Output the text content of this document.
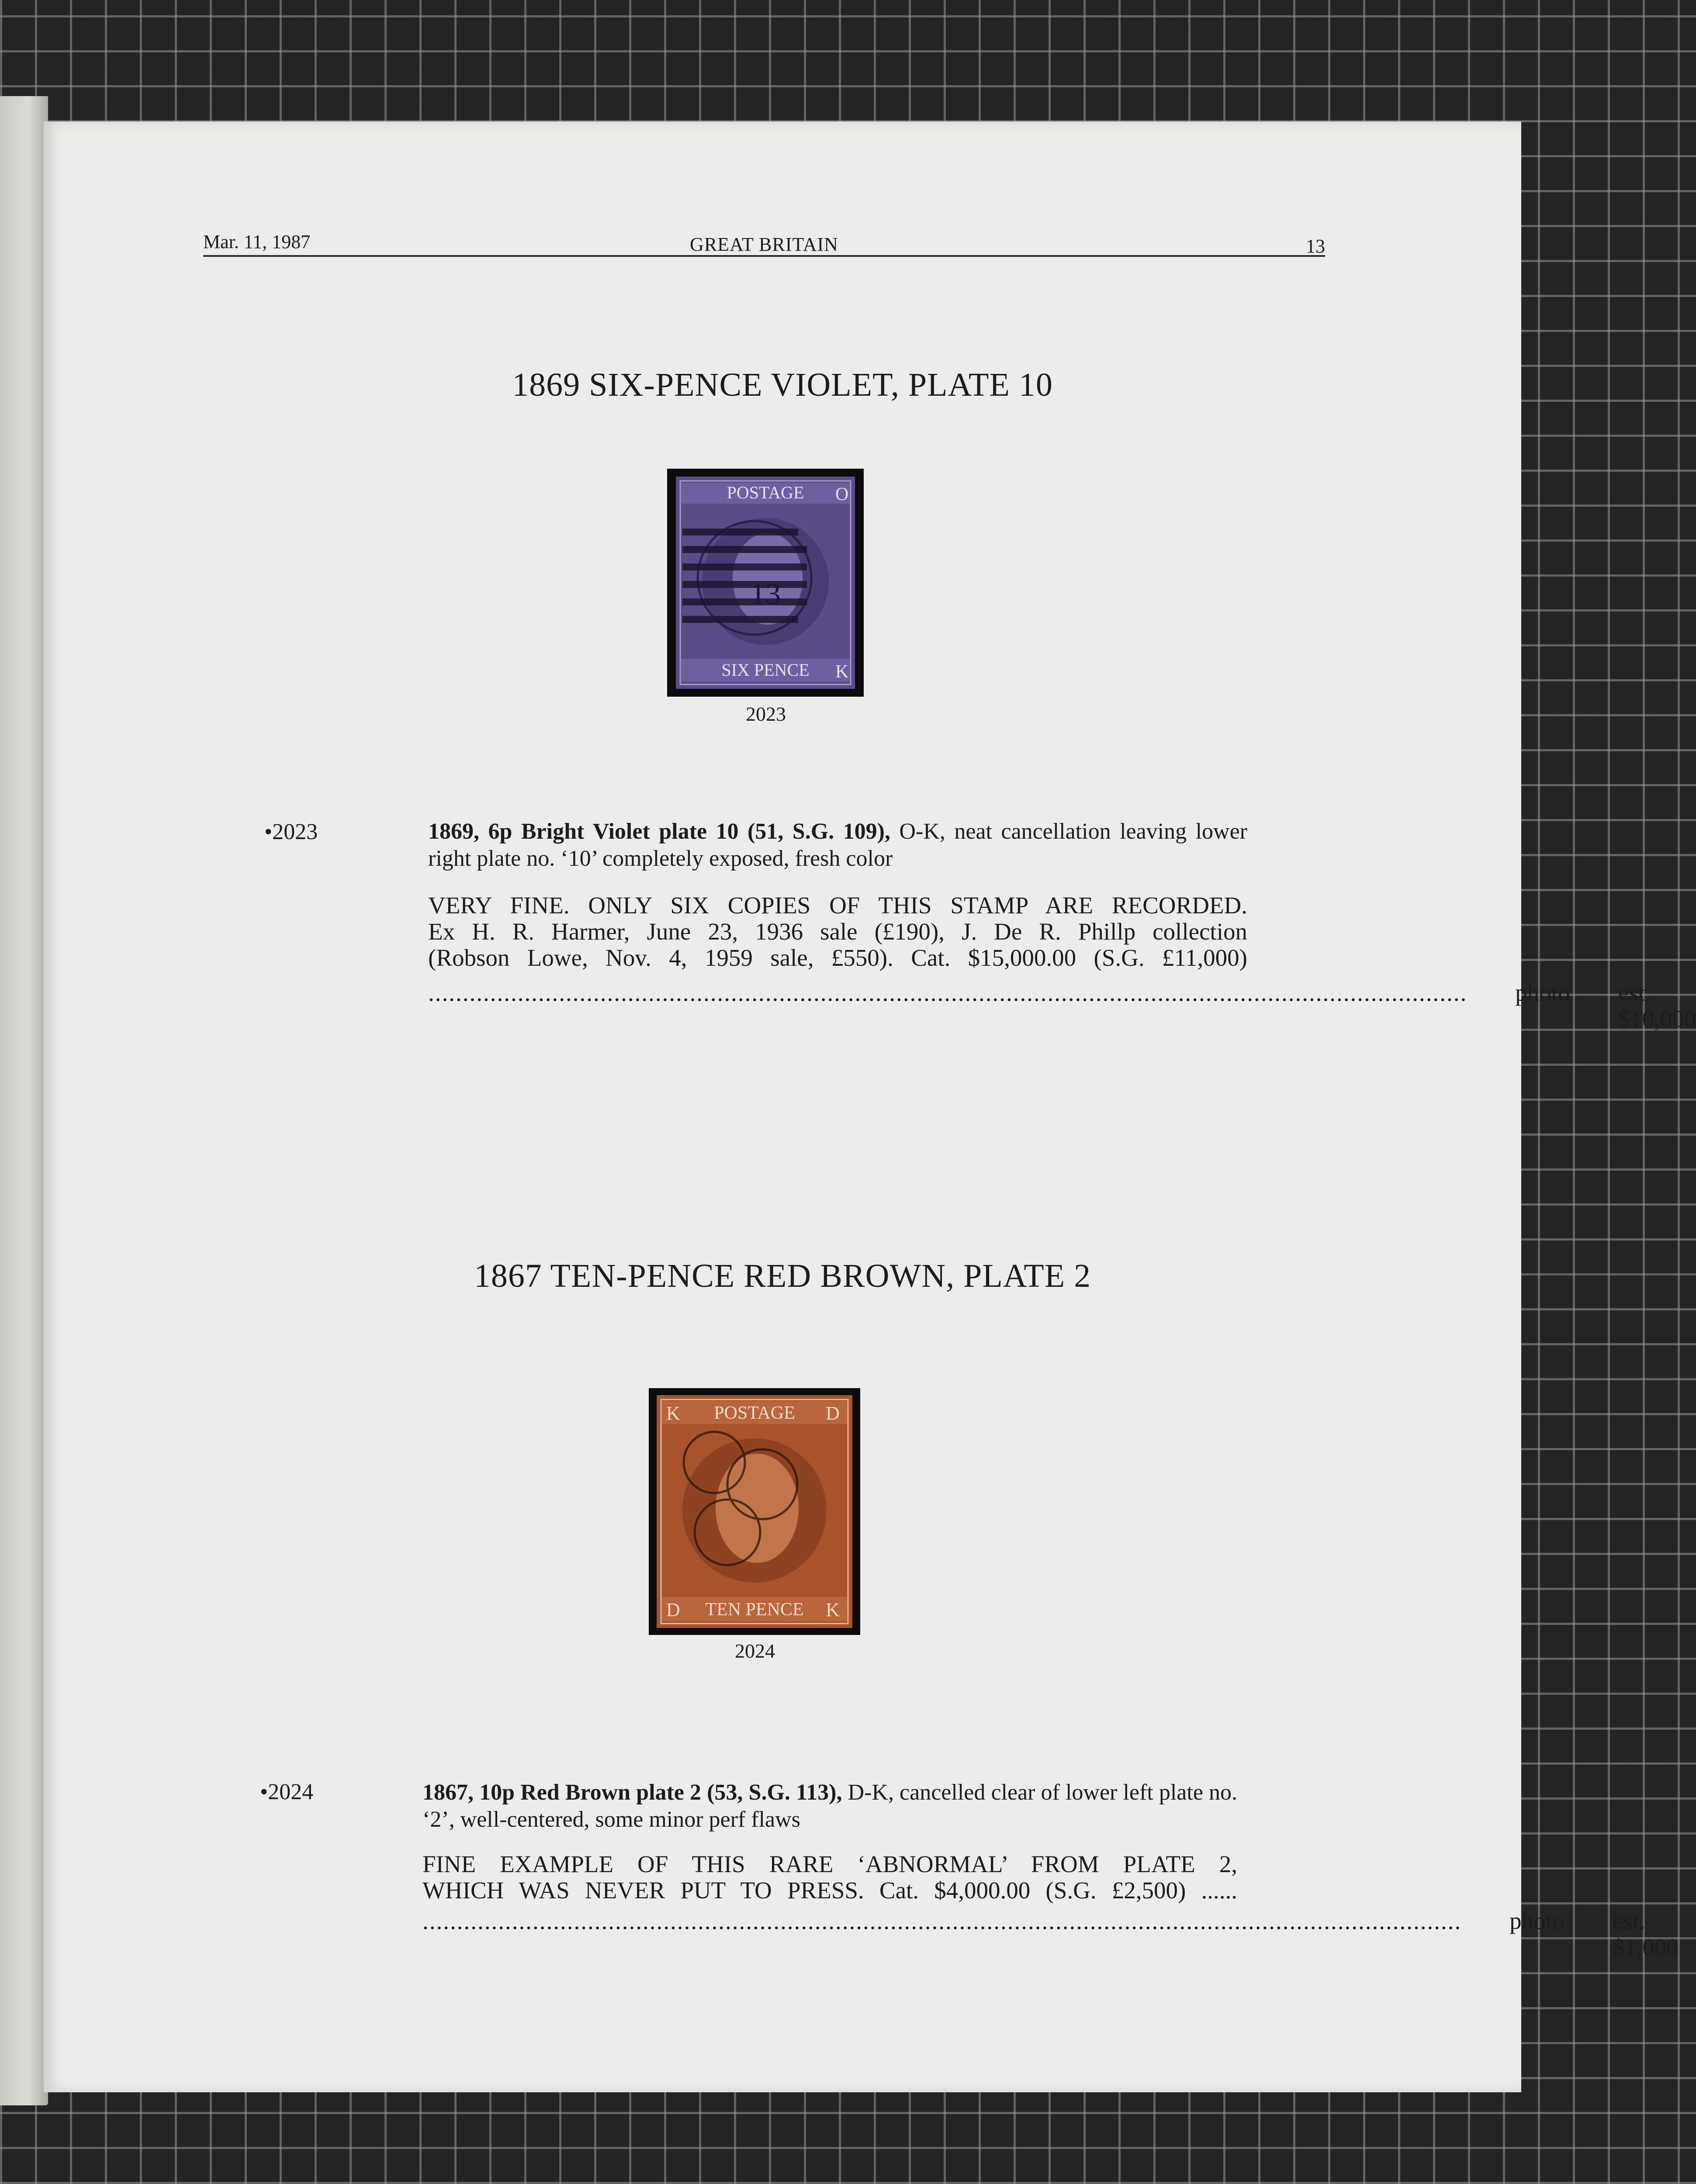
Mar. 11, 1987	GREAT BRITAIN	13
1869 SIX-PENCE VIOLET, PLATE 10
POSTAGE
SIX PENCE
13
O
K
2023
•2023	1869, 6p Bright Violet plate 10 (51, S.G. 109), O-K, neat cancellation leaving lower right plate no. ‘10’ completely exposed, fresh color
VERY FINE. ONLY SIX COPIES OF THIS STAMP ARE RECORDED.
Ex H. R. Harmer, June 23, 1936 sale (£190), J. De R. Phillp collection
(Robson Lowe, Nov. 4, 1959 sale, £550). Cat. $15,000.00 (S.G. £11,000)
....................................................................................................................................................... photo est. $10,000
1867 TEN-PENCE RED BROWN, PLATE 2
POSTAGE
TEN PENCE
K	D
D	K
2024
•2024	1867, 10p Red Brown plate 2 (53, S.G. 113), D-K, cancelled clear of lower left plate no. ‘2’, well-centered, some minor perf flaws
FINE EXAMPLE OF THIS RARE ‘ABNORMAL’ FROM PLATE 2,
WHICH WAS NEVER PUT TO PRESS. Cat. $4,000.00 (S.G. £2,500) ......
....................................................................................................................................................... photo est. $1,000
